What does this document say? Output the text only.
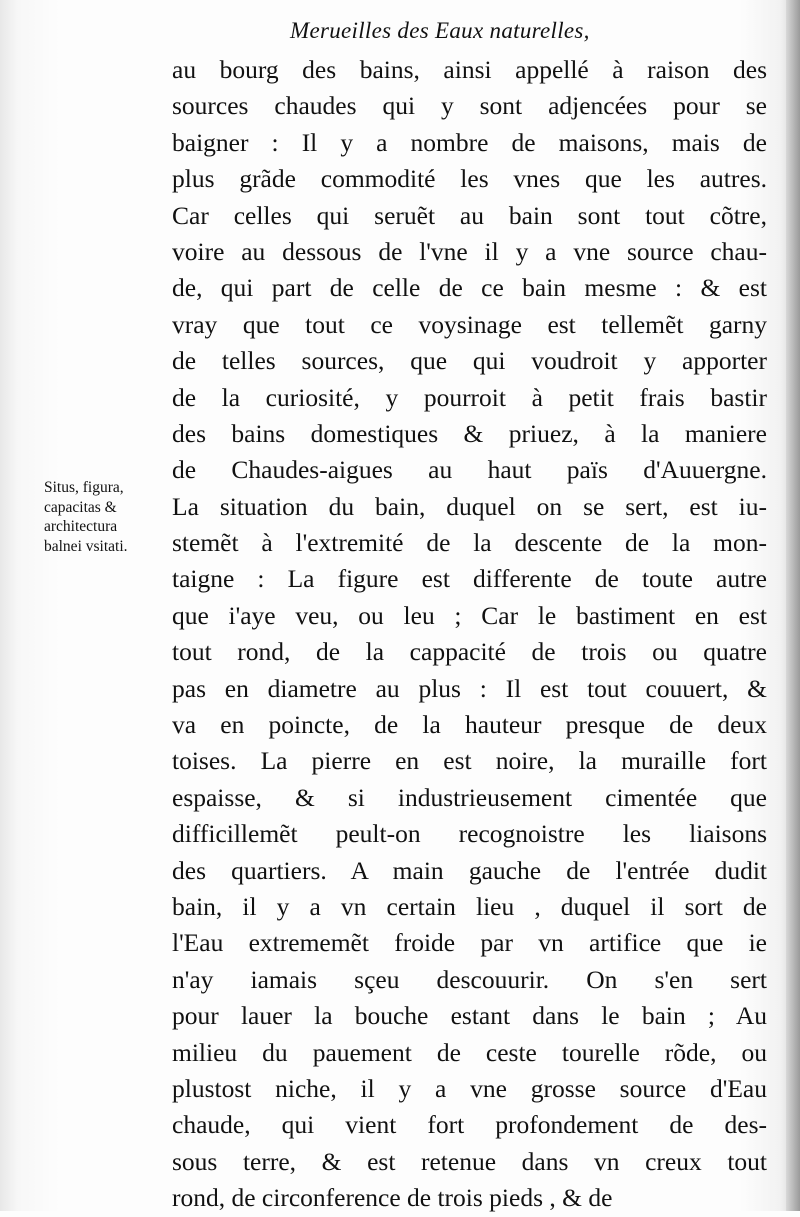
Merueilles des Eaux naturelles,
Situs, figura,
capacitas &
architectura
balnei vsitati.
au bourg des bains, ainsi appellé à raison des
sources chaudes qui y sont adjencées pour se
baigner : Il y a nombre de maisons, mais de
plus grãde commodité les vnes que les autres.
Car celles qui seruẽt au bain sont tout cõtre,
voire au dessous de l'vne il y a vne source chau-
de, qui part de celle de ce bain mesme : & est
vray que tout ce voysinage est tellemẽt garny
de telles sources, que qui voudroit y apporter
de la curiosité, y pourroit à petit frais bastir
des bains domestiques & priuez, à la maniere
de Chaudes-aigues au haut païs d'Auuergne.
La situation du bain, duquel on se sert, est iu-
stemẽt à l'extremité de la descente de la mon-
taigne : La figure est differente de toute autre
que i'aye veu, ou leu ; Car le bastiment en est
tout rond, de la cappacité de trois ou quatre
pas en diametre au plus : Il est tout couuert, &
va en poincte, de la hauteur presque de deux
toises. La pierre en est noire, la muraille fort
espaisse, & si industrieusement cimentée que
difficillemẽt peult-on recognoistre les liaisons
des quartiers. A main gauche de l'entrée dudit
bain, il y a vn certain lieu , duquel il sort de
l'Eau extrememẽt froide par vn artifice que ie
n'ay iamais sçeu descouurir. On s'en sert
pour lauer la bouche estant dans le bain ; Au
milieu du pauement de ceste tourelle rõde, ou
plustost niche, il y a vne grosse source d'Eau
chaude, qui vient fort profondement de des-
sous terre, & est retenue dans vn creux tout
rond, de circonference de trois pieds , & de
